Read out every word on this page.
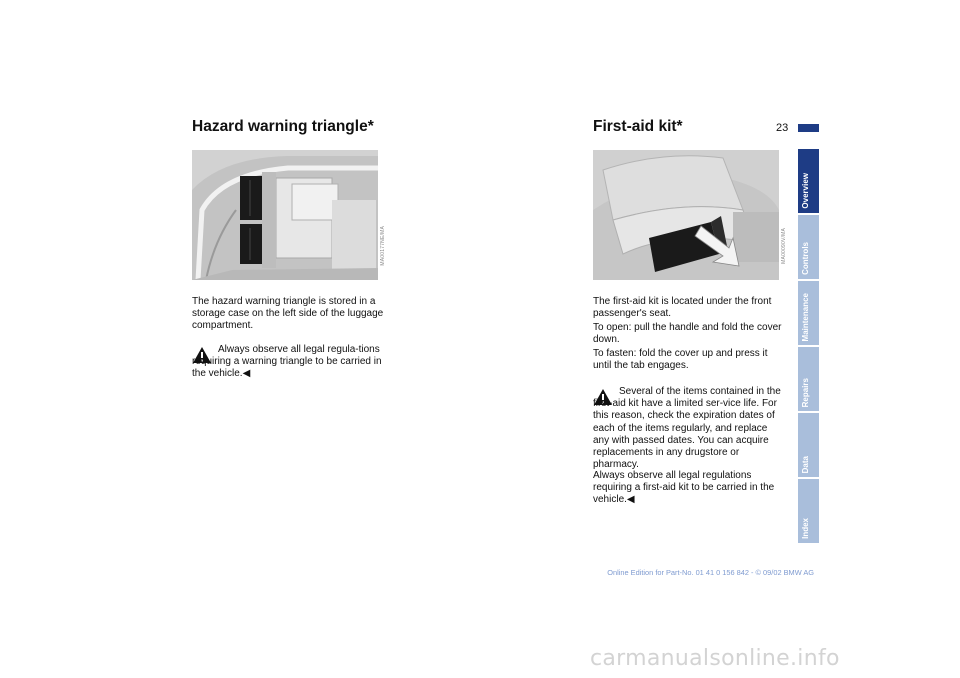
Hazard warning triangle*
MA00177NE/MA

The hazard warning triangle is stored in a storage case on the left side of the luggage compartment.

Always observe all legal regula-tions requiring a warning triangle to be carried in the vehicle.◀

First-aid kit*	23
MA00090V/MA

The first-aid kit is located under the front passenger's seat.

To open: pull the handle and fold the cover down.

To fasten: fold the cover up and press it until the tab engages.

Several of the items contained in the first-aid kit have a limited ser-vice life. For this reason, check the expiration dates of each of the items regularly, and replace any with passed dates. You can acquire replacements in any drugstore or pharmacy.

Always observe all legal regulations requiring a first-aid kit to be carried in the vehicle.◀

Overview
Controls
Maintenance
Repairs
Data
Index
Online Edition for Part-No. 01 41 0 156 842 - © 09/02 BMW AG
carmanualsonline.info
